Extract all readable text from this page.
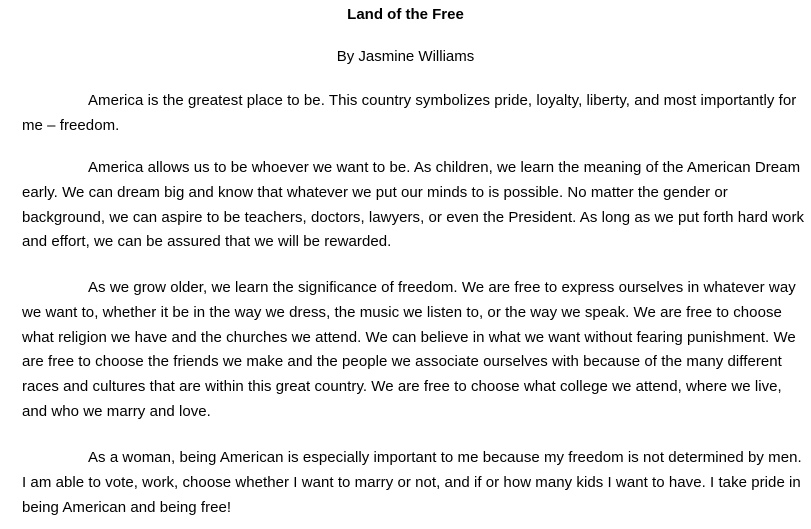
Land of the Free
By Jasmine Williams

America is the greatest place to be. This country symbolizes pride, loyalty, liberty, and most importantly for me – freedom.

America allows us to be whoever we want to be. As children, we learn the meaning of the American Dream early. We can dream big and know that whatever we put our minds to is possible. No matter the gender or background, we can aspire to be teachers, doctors, lawyers, or even the President. As long as we put forth hard work and effort, we can be assured that we will be rewarded.

As we grow older, we learn the significance of freedom. We are free to express ourselves in whatever way we want to, whether it be in the way we dress, the music we listen to, or the way we speak. We are free to choose what religion we have and the churches we attend. We can believe in what we want without fearing punishment. We are free to choose the friends we make and the people we associate ourselves with because of the many different races and cultures that are within this great country. We are free to choose what college we attend, where we live, and who we marry and love.

As a woman, being American is especially important to me because my freedom is not determined by men. I am able to vote, work, choose whether I want to marry or not, and if or how many kids I want to have. I take pride in being American and being free!
